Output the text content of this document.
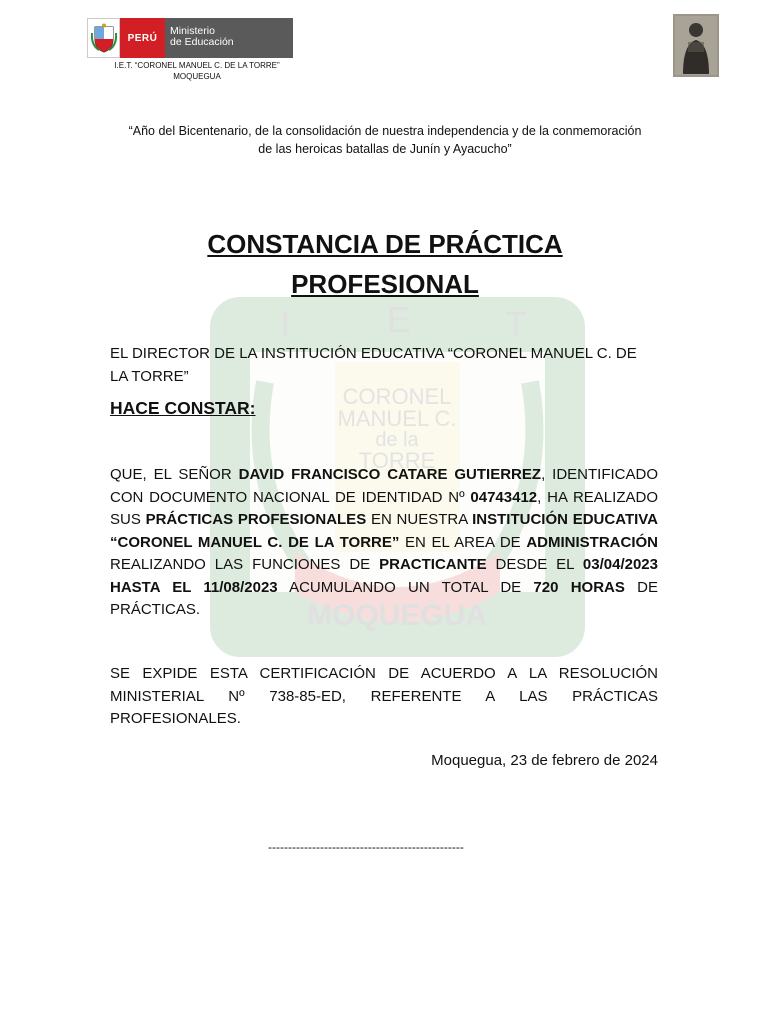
I	E	T
CORONEL
MANUEL C.
de la
TORRE
MOQUEGUA
PERÚ
Ministerio
de Educación
I.E.T. “CORONEL MANUEL C. DE LA TORRE”
MOQUEGUA
“Año del Bicentenario, de la consolidación de nuestra independencia y de la conmemoración
de las heroicas batallas de Junín y Ayacucho”
CONSTANCIA DE PRÁCTICA
PROFESIONAL
EL DIRECTOR DE LA INSTITUCIÓN EDUCATIVA “CORONEL MANUEL C. DE LA TORRE”
HACE CONSTAR:
QUE, EL SEÑOR DAVID FRANCISCO CATARE GUTIERREZ, IDENTIFICADO CON DOCUMENTO NACIONAL DE IDENTIDAD Nº 04743412, HA REALIZADO SUS PRÁCTICAS PROFESIONALES EN NUESTRA INSTITUCIÓN EDUCATIVA “CORONEL MANUEL C. DE LA TORRE” EN EL AREA DE ADMINISTRACIÓN REALIZANDO LAS FUNCIONES DE PRACTICANTE DESDE EL 03/04/2023 HASTA EL 11/08/2023 ACUMULANDO UN TOTAL DE 720 HORAS DE PRÁCTICAS.
SE EXPIDE ESTA CERTIFICACIÓN DE ACUERDO A LA RESOLUCIÓN MINISTERIAL Nº 738-85-ED, REFERENTE A LAS PRÁCTICAS PROFESIONALES.
Moquegua, 23 de febrero de 2024
-------------------------------------------------
